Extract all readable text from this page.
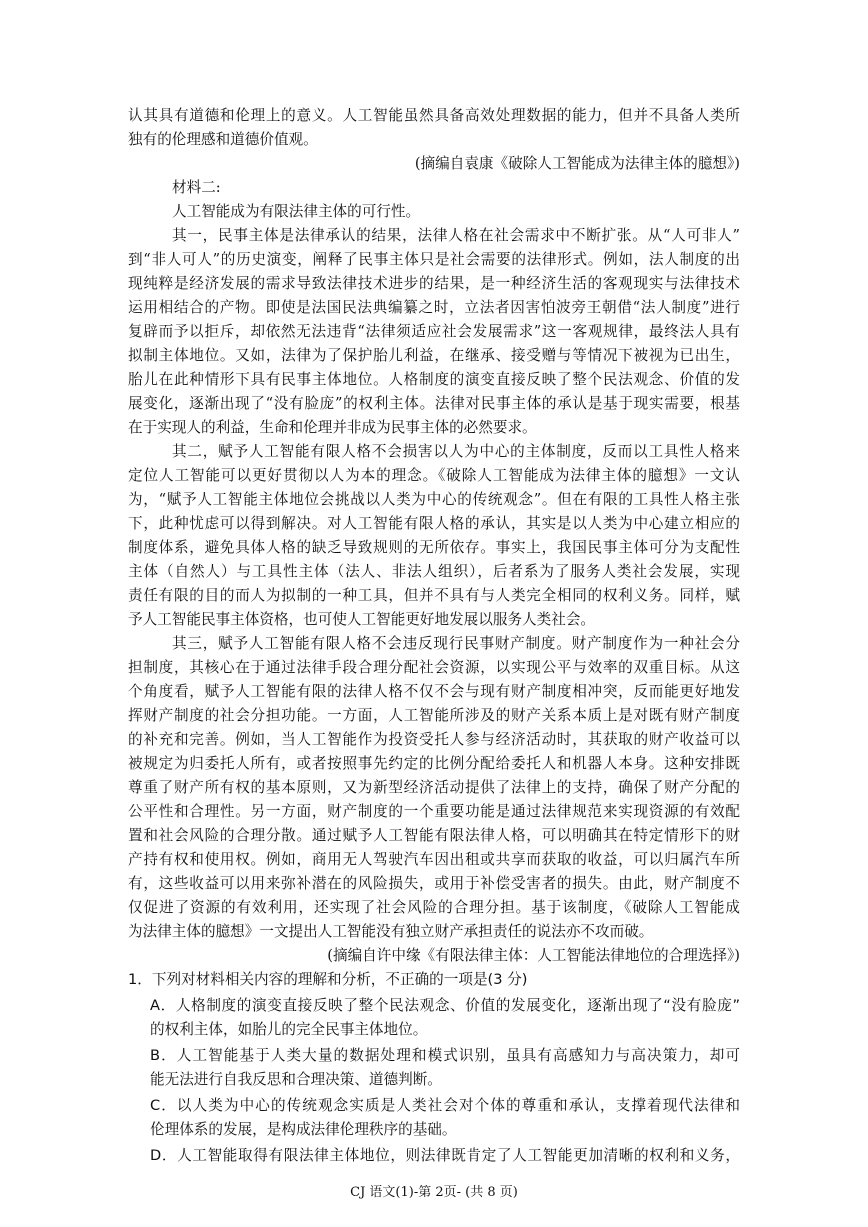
认其具有道德和伦理上的意义。人工智能虽然具备高效处理数据的能力，但并不具备人类所
独有的伦理感和道德价值观。
(摘编自袁康《破除人工智能成为法律主体的臆想》)
材料二:
人工智能成为有限法律主体的可行性。
其一，民事主体是法律承认的结果，法律人格在社会需求中不断扩张。从“人可非人”
到“非人可人”的历史演变，阐释了民事主体只是社会需要的法律形式。例如，法人制度的出
现纯粹是经济发展的需求导致法律技术进步的结果，是一种经济生活的客观现实与法律技术
运用相结合的产物。即使是法国民法典编纂之时，立法者因害怕波旁王朝借“法人制度”进行
复辟而予以拒斥，却依然无法违背“法律须适应社会发展需求”这一客观规律，最终法人具有
拟制主体地位。又如，法律为了保护胎儿利益，在继承、接受赠与等情况下被视为已出生，
胎儿在此种情形下具有民事主体地位。人格制度的演变直接反映了整个民法观念、价值的发
展变化，逐渐出现了“没有脸庞”的权利主体。法律对民事主体的承认是基于现实需要，根基
在于实现人的利益，生命和伦理并非成为民事主体的必然要求。
其二，赋予人工智能有限人格不会损害以人为中心的主体制度，反而以工具性人格来
定位人工智能可以更好贯彻以人为本的理念。《破除人工智能成为法律主体的臆想》一文认
为，“赋予人工智能主体地位会挑战以人类为中心的传统观念”。但在有限的工具性人格主张
下，此种忧虑可以得到解决。对人工智能有限人格的承认，其实是以人类为中心建立相应的
制度体系，避免具体人格的缺乏导致规则的无所依存。事实上，我国民事主体可分为支配性
主体（自然人）与工具性主体（法人、非法人组织），后者系为了服务人类社会发展，实现
责任有限的目的而人为拟制的一种工具，但并不具有与人类完全相同的权利义务。同样，赋
予人工智能民事主体资格，也可使人工智能更好地发展以服务人类社会。
其三，赋予人工智能有限人格不会违反现行民事财产制度。财产制度作为一种社会分
担制度，其核心在于通过法律手段合理分配社会资源，以实现公平与效率的双重目标。从这
个角度看，赋予人工智能有限的法律人格不仅不会与现有财产制度相冲突，反而能更好地发
挥财产制度的社会分担功能。一方面，人工智能所涉及的财产关系本质上是对既有财产制度
的补充和完善。例如，当人工智能作为投资受托人参与经济活动时，其获取的财产收益可以
被规定为归委托人所有，或者按照事先约定的比例分配给委托人和机器人本身。这种安排既
尊重了财产所有权的基本原则，又为新型经济活动提供了法律上的支持，确保了财产分配的
公平性和合理性。另一方面，财产制度的一个重要功能是通过法律规范来实现资源的有效配
置和社会风险的合理分散。通过赋予人工智能有限法律人格，可以明确其在特定情形下的财
产持有权和使用权。例如，商用无人驾驶汽车因出租或共享而获取的收益，可以归属汽车所
有，这些收益可以用来弥补潜在的风险损失，或用于补偿受害者的损失。由此，财产制度不
仅促进了资源的有效利用，还实现了社会风险的合理分担。基于该制度，《破除人工智能成
为法律主体的臆想》一文提出人工智能没有独立财产承担责任的说法亦不攻而破。
(摘编自许中缘《有限法律主体：人工智能法律地位的合理选择》)
1．下列对材料相关内容的理解和分析，不正确的一项是(3 分)
A．人格制度的演变直接反映了整个民法观念、价值的发展变化，逐渐出现了“没有脸庞”
的权利主体，如胎儿的完全民事主体地位。
B．人工智能基于人类大量的数据处理和模式识别，虽具有高感知力与高决策力，却可
能无法进行自我反思和合理决策、道德判断。
C．以人类为中心的传统观念实质是人类社会对个体的尊重和承认，支撑着现代法律和
伦理体系的发展，是构成法律伦理秩序的基础。
D．人工智能取得有限法律主体地位，则法律既肯定了人工智能更加清晰的权利和义务，
CJ 语文(1)-第 2页- (共 8 页)
